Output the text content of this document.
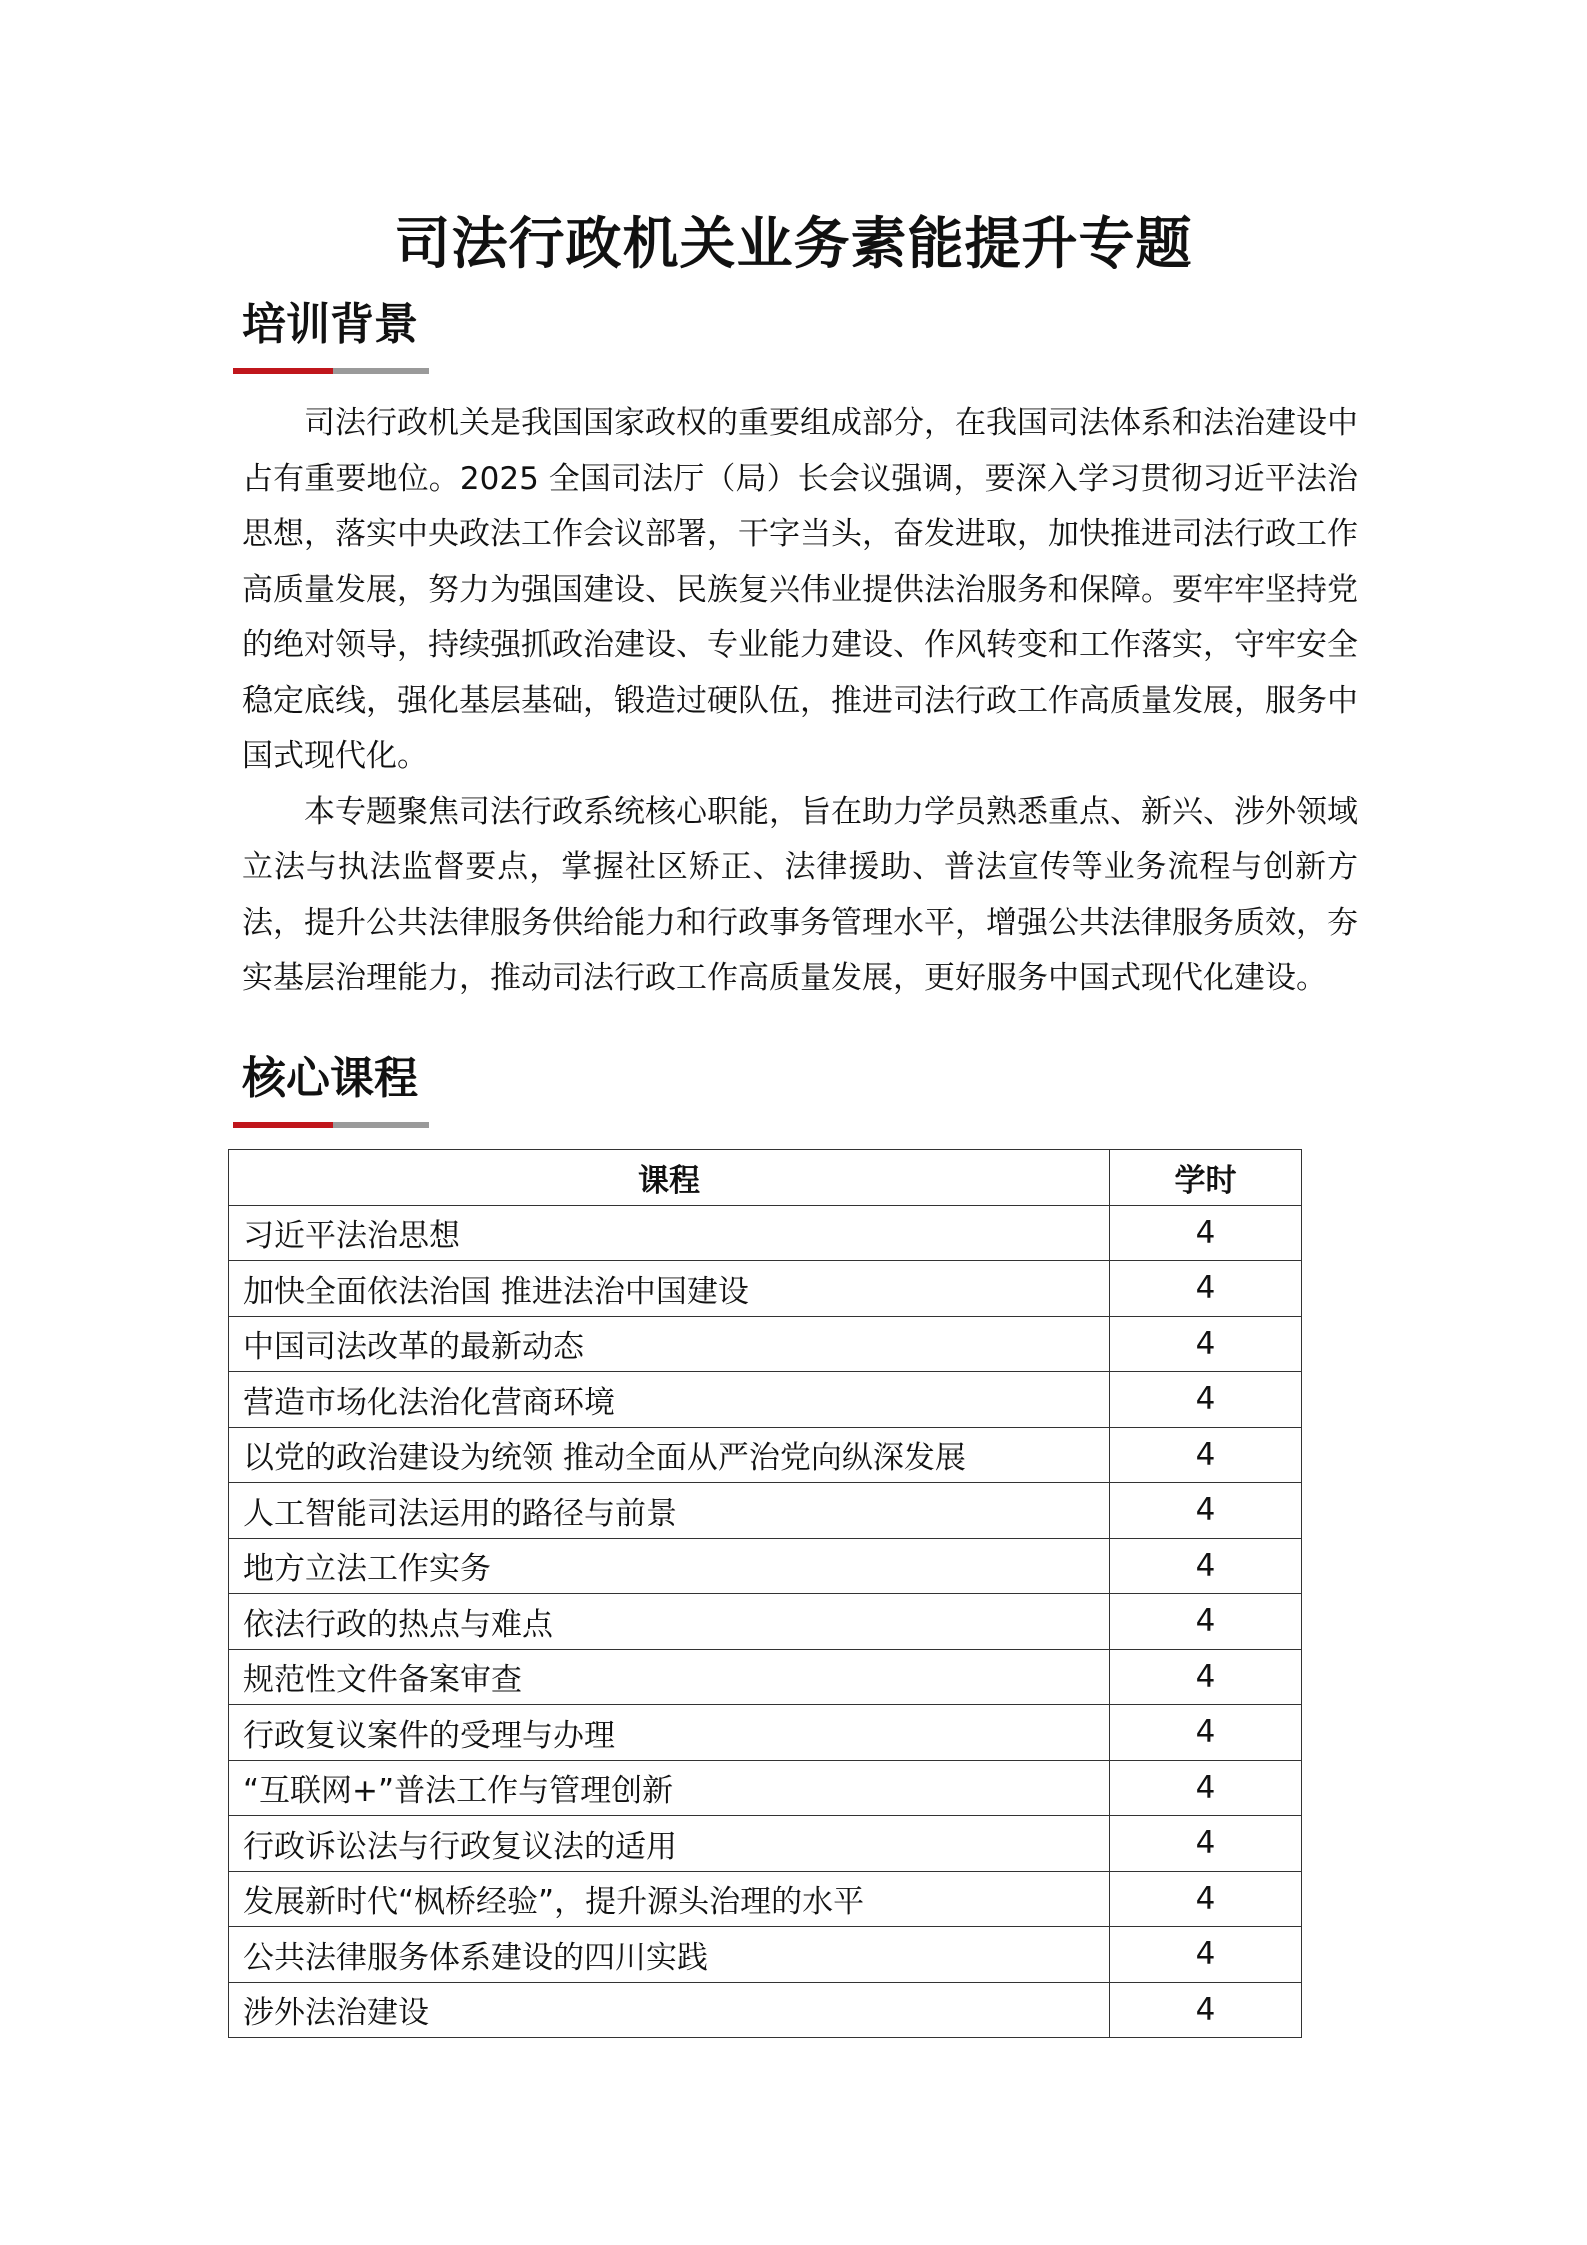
司法行政机关业务素能提升专题
培训背景

司法行政机关是我国国家政权的重要组成部分，在我国司法体系和法治建设中占有重要地位。2025 全国司法厅（局）长会议强调，要深入学习贯彻习近平法治思想，落实中央政法工作会议部署，干字当头，奋发进取，加快推进司法行政工作高质量发展，努力为强国建设、民族复兴伟业提供法治服务和保障。要牢牢坚持党的绝对领导，持续强抓政治建设、专业能力建设、作风转变和工作落实，守牢安全稳定底线，强化基层基础，锻造过硬队伍，推进司法行政工作高质量发展，服务中国式现代化。

本专题聚焦司法行政系统核心职能，旨在助力学员熟悉重点、新兴、涉外领域立法与执法监督要点，掌握社区矫正、法律援助、普法宣传等业务流程与创新方法，提升公共法律服务供给能力和行政事务管理水平，增强公共法律服务质效，夯实基层治理能力，推动司法行政工作高质量发展，更好服务中国式现代化建设。

核心课程
课程	学时
习近平法治思想	4
加快全面依法治国 推进法治中国建设	4
中国司法改革的最新动态	4
营造市场化法治化营商环境	4
以党的政治建设为统领 推动全面从严治党向纵深发展	4
人工智能司法运用的路径与前景	4
地方立法工作实务	4
依法行政的热点与难点	4
规范性文件备案审查	4
行政复议案件的受理与办理	4
“互联网+”普法工作与管理创新	4
行政诉讼法与行政复议法的适用	4
发展新时代“枫桥经验”，提升源头治理的水平	4
公共法律服务体系建设的四川实践	4
涉外法治建设	4
